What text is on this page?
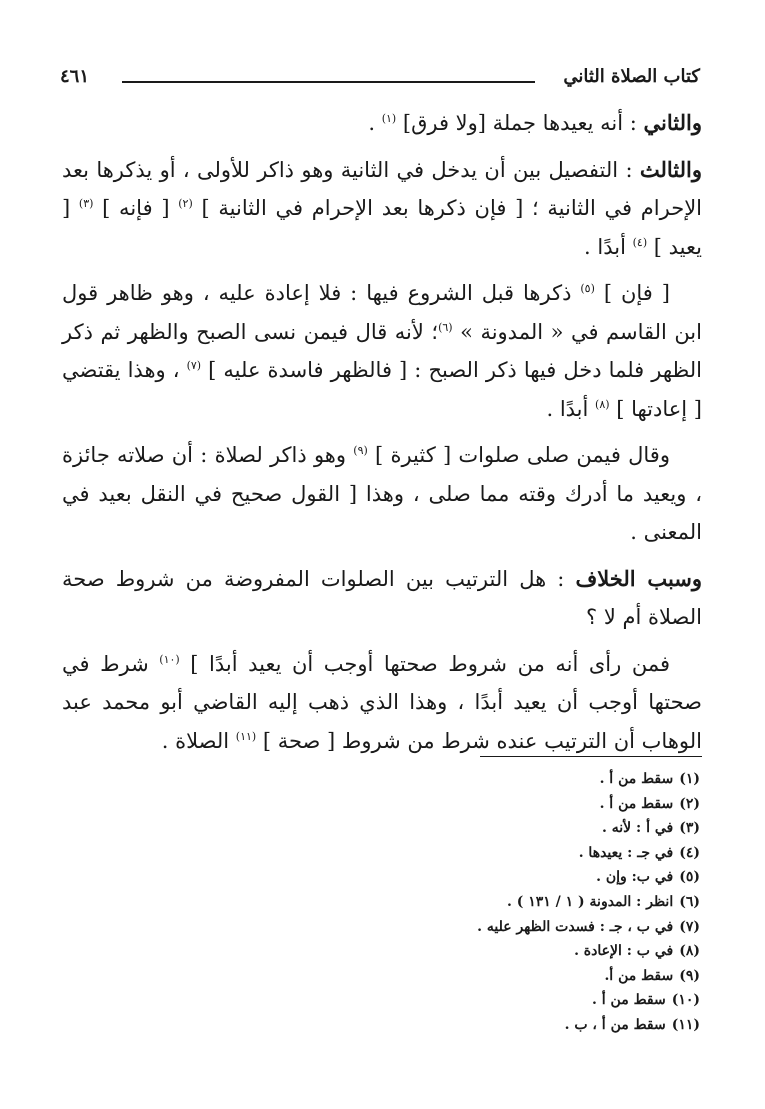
كتاب الصلاة الثاني
٤٦١

والثاني : أنه يعيدها جملة [ولا فرق] $^{(١)}$ .

والثالث : التفصيل بين أن يدخل في الثانية وهو ذاكر للأولى ، أو يذكرها بعد الإحرام في الثانية ؛ [ فإن ذكرها بعد الإحرام في الثانية ] $^{(٢)}$ [ فإنه ] $^{(٣)}$ [ يعيد ] $^{(٤)}$ أبدًا .

[ فإن ] $^{(٥)}$ ذكرها قبل الشروع فيها : فلا إعادة عليه ، وهو ظاهر قول ابن القاسم في « المدونة » $^{(٦)}$؛ لأنه قال فيمن نسى الصبح والظهر ثم ذكر الظهر فلما دخل فيها ذكر الصبح : [ فالظهر فاسدة عليه ] $^{(٧)}$ ، وهذا يقتضي [ إعادتها ] $^{(٨)}$ أبدًا .

وقال فيمن صلى صلوات [ كثيرة ] $^{(٩)}$ وهو ذاكر لصلاة : أن صلاته جائزة ، ويعيد ما أدرك وقته مما صلى ، وهذا [ القول صحيح في النقل بعيد في المعنى .

وسبب الخلاف : هل الترتيب بين الصلوات المفروضة من شروط صحة الصلاة أم لا ؟

فمن رأى أنه من شروط صحتها أوجب أن يعيد أبدًا ] $^{(١٠)}$ شرط في صحتها أوجب أن يعيد أبدًا ، وهذا الذي ذهب إليه القاضي أبو محمد عبد الوهاب أن الترتيب عنده شرط من شروط [ صحة ] $^{(١١)}$ الصلاة .

(١)سقط من أ .
(٢)سقط من أ .
(٣)في أ : لأنه .
(٤)في جـ : يعيدها .
(٥)في ب: وإن .
(٦)انظر : المدونة ( ١ / ١٣١ ) .
(٧)في ب ، جـ : فسدت الظهر عليه .
(٨)في ب : الإعادة .
(٩)سقط من أ.
(١٠)سقط من أ .
(١١)سقط من أ ، ب .
